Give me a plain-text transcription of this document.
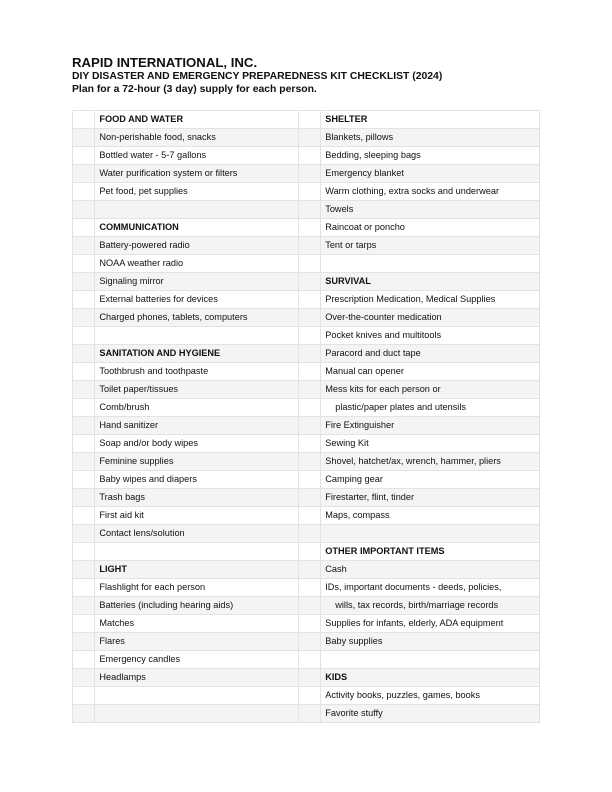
RAPID INTERNATIONAL, INC.

DIY DISASTER AND EMERGENCY PREPAREDNESS KIT CHECKLIST (2024)

Plan for a 72-hour (3 day) supply for each person.

	FOOD AND WATER		SHELTER
	Non-perishable food, snacks		Blankets, pillows
	Bottled water - 5-7 gallons		Bedding, sleeping bags
	Water purification system or filters		Emergency blanket
	Pet food, pet supplies		Warm clothing, extra socks and underwear
			Towels
	COMMUNICATION		Raincoat or poncho
	Battery-powered radio		Tent or tarps
	NOAA weather radio		
	Signaling mirror		SURVIVAL
	External batteries for devices		Prescription Medication, Medical Supplies
	Charged phones, tablets, computers		Over-the-counter medication
			Pocket knives and multitools
	SANITATION AND HYGIENE		Paracord and duct tape
	Toothbrush and toothpaste		Manual can opener
	Toilet paper/tissues		Mess kits for each person or
	Comb/brush		plastic/paper plates and utensils
	Hand sanitizer		Fire Extinguisher
	Soap and/or body wipes		Sewing Kit
	Feminine supplies		Shovel, hatchet/ax, wrench, hammer, pliers
	Baby wipes and diapers		Camping gear
	Trash bags		Firestarter, flint, tinder
	First aid kit		Maps, compass
	Contact lens/solution		
			OTHER IMPORTANT ITEMS
	LIGHT		Cash
	Flashlight for each person		IDs, important documents - deeds, policies,
	Batteries (including hearing aids)		wills, tax records, birth/marriage records
	Matches		Supplies for infants, elderly, ADA equipment
	Flares		Baby supplies
	Emergency candles		
	Headlamps		KIDS
			Activity books, puzzles, games, books
			Favorite stuffy
